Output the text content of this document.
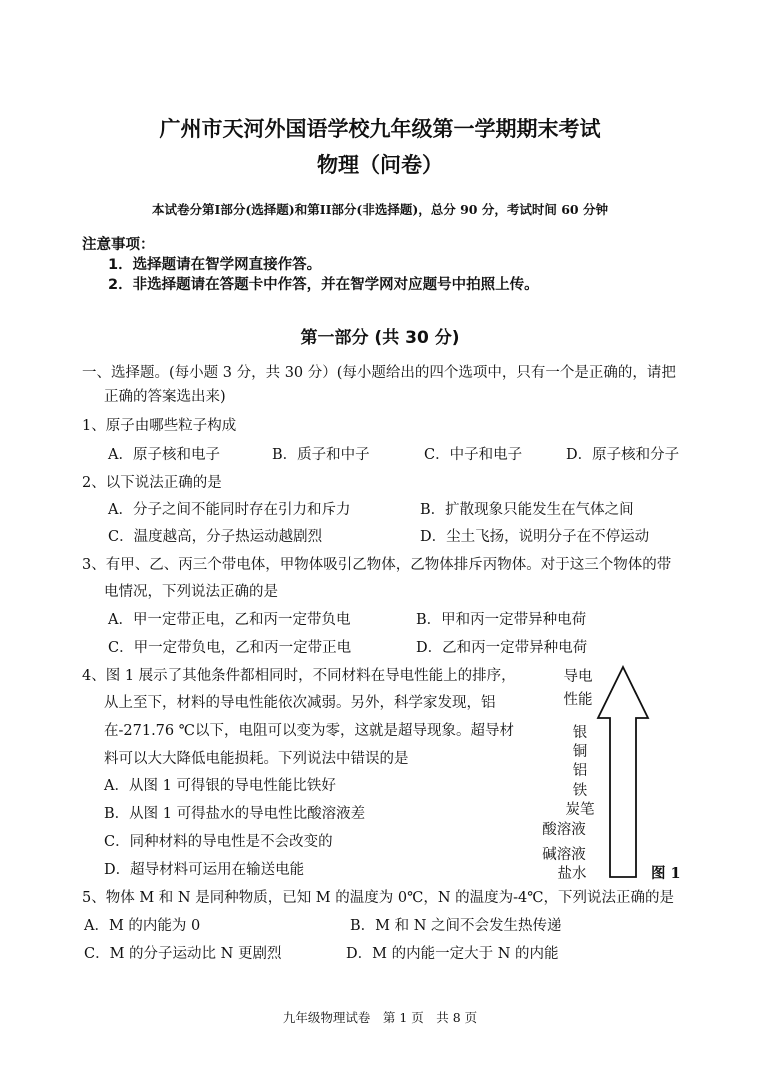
广州市天河外国语学校九年级第一学期期末考试
物理（问卷）
本试卷分第I部分(选择题)和第II部分(非选择题)，总分 90 分，考试时间 60 分钟
注意事项：
1．选择题请在智学网直接作答。
2．非选择题请在答题卡中作答，并在智学网对应题号中拍照上传。
第一部分 (共 30 分)
一、选择题。(每小题 3 分，共 30 分）(每小题给出的四个选项中，只有一个是正确的，请把
正确的答案选出来)
1、原子由哪些粒子构成
A．原子核和电子	B．质子和中子	C．中子和电子	D．原子核和分子
2、以下说法正确的是
A．分子之间不能同时存在引力和斥力	B．扩散现象只能发生在气体之间
C．温度越高，分子热运动越剧烈	D．尘土飞扬，说明分子在不停运动
3、有甲、乙、丙三个带电体，甲物体吸引乙物体，乙物体排斥丙物体。对于这三个物体的带
电情况，下列说法正确的是
A．甲一定带正电，乙和丙一定带负电	B．甲和丙一定带异种电荷
C．甲一定带负电，乙和丙一定带正电	D．乙和丙一定带异种电荷
4、图 1 展示了其他条件都相同时，不同材料在导电性能上的排序，
从上至下，材料的导电性能依次减弱。另外，科学家发现，铝
在-271.76 ℃以下，电阻可以变为零，这就是超导现象。超导材
料可以大大降低电能损耗。下列说法中错误的是
A．从图 1 可得银的导电性能比铁好
B．从图 1 可得盐水的导电性比酸溶液差
C．同种材料的导电性是不会改变的
D．超导材料可运用在输送电能
导电
性能
银
铜
铝
铁
炭笔
酸溶液
碱溶液
盐水	图 1
5、物体 M 和 N 是同种物质，已知 M 的温度为 0℃，N 的温度为-4℃，下列说法正确的是
A．M 的内能为 0	B．M 和 N 之间不会发生热传递
C．M 的分子运动比 N 更剧烈	D．M 的内能一定大于 N 的内能
九年级物理试卷　第 1 页　共 8 页
